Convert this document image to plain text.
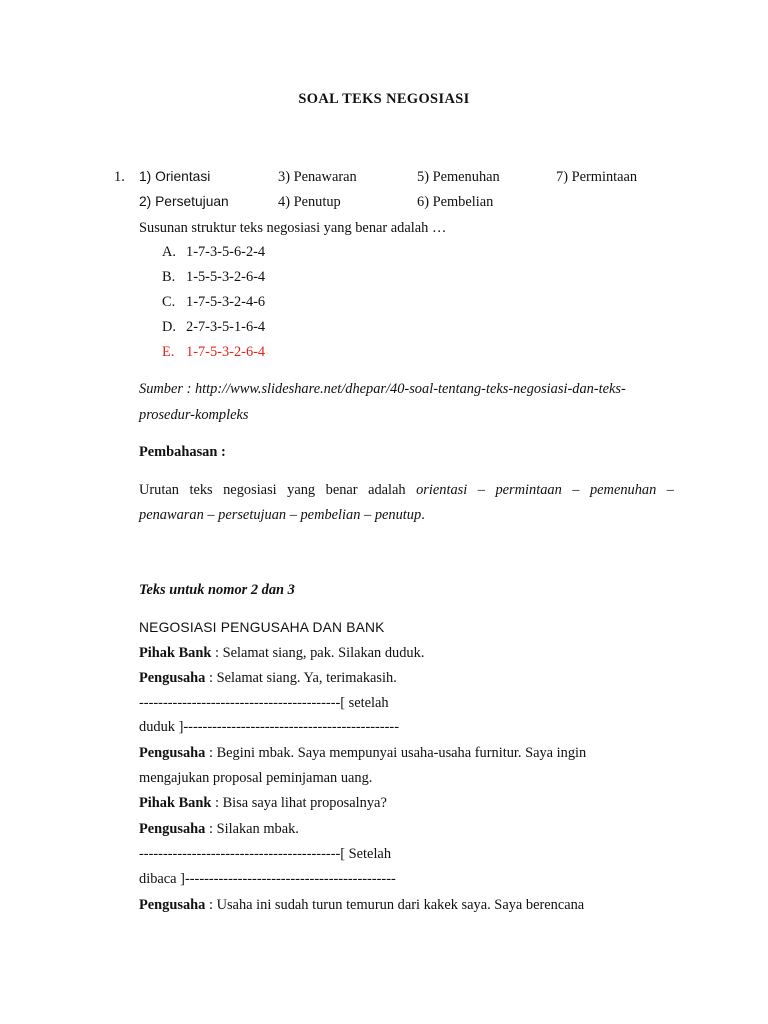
SOAL TEKS NEGOSIASI
1. 1) Orientasi	3) Penawaran	5) Pemenuhan	7) Permintaan
2) Persetujuan	4) Penutup	6) Pembelian
Susunan struktur teks negosiasi yang benar adalah …
A. 1-7-3-5-6-2-4
B. 1-5-5-3-2-6-4
C. 1-7-5-3-2-4-6
D. 2-7-3-5-1-6-4
E. 1-7-5-3-2-6-4
Sumber : http://www.slideshare.net/dhepar/40-soal-tentang-teks-negosiasi-dan-teks-
prosedur-kompleks
Pembahasan :
Urutan teks negosiasi yang benar adalah orientasi – permintaan – pemenuhan –
penawaran – persetujuan – pembelian – penutup.
Teks untuk nomor 2 dan 3
NEGOSIASI PENGUSAHA DAN BANK
Pihak Bank : Selamat siang, pak. Silakan duduk.
Pengusaha : Selamat siang. Ya, terimakasih.
------------------------------------------[ setelah
duduk ]---------------------------------------------
Pengusaha : Begini mbak. Saya mempunyai usaha-usaha furnitur. Saya ingin
mengajukan proposal peminjaman uang.
Pihak Bank : Bisa saya lihat proposalnya?
Pengusaha : Silakan mbak.
------------------------------------------[ Setelah
dibaca ]--------------------------------------------
Pengusaha : Usaha ini sudah turun temurun dari kakek saya. Saya berencana
